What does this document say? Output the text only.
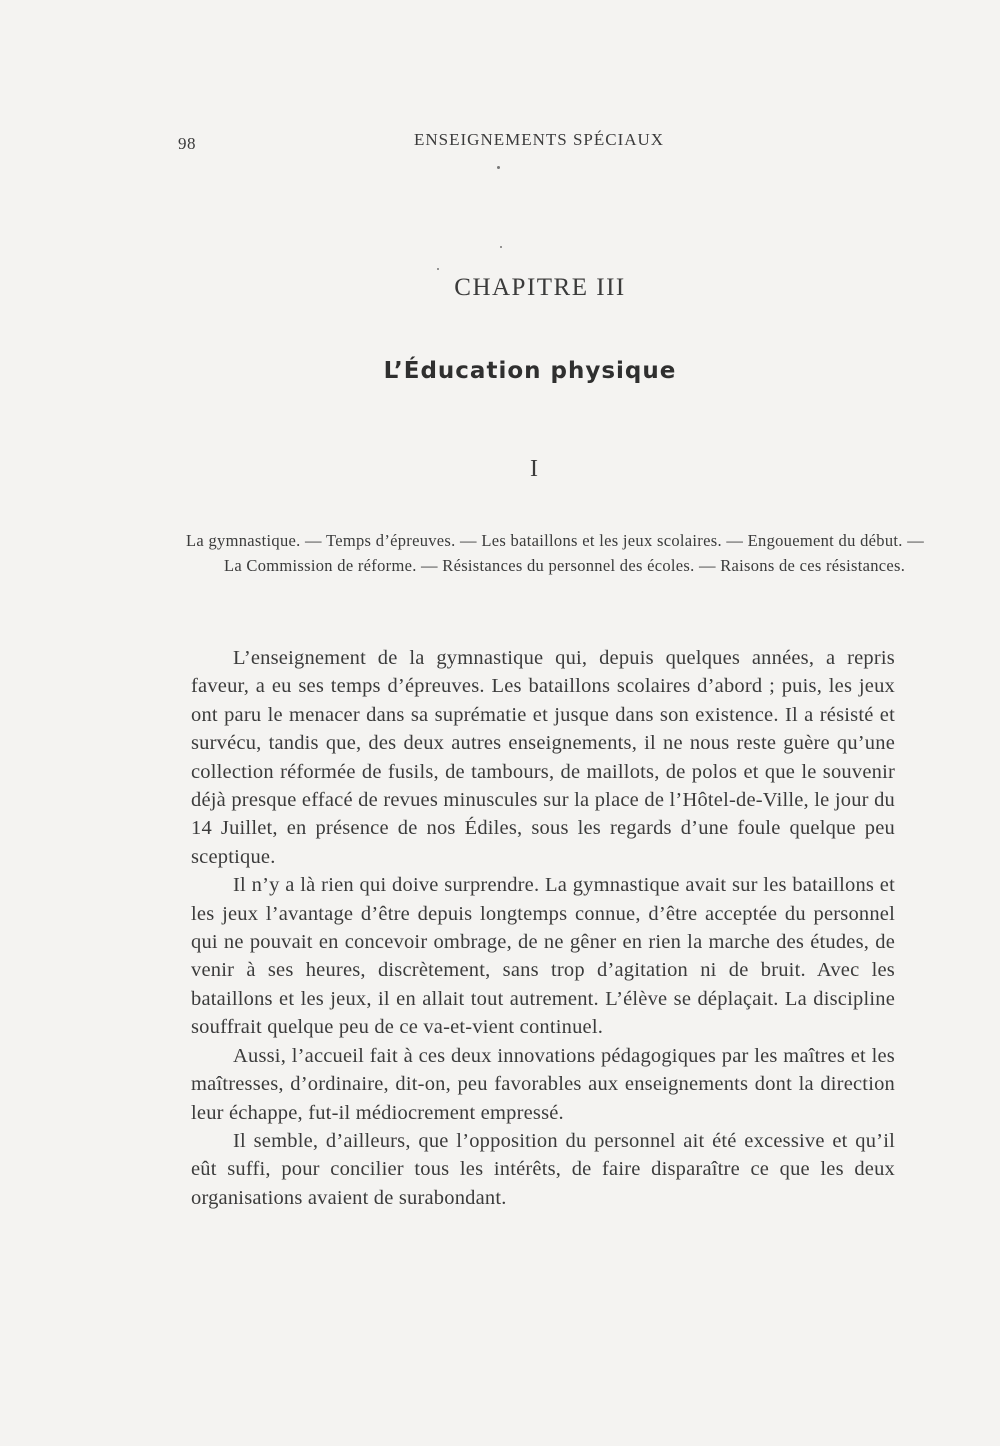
98	ENSEIGNEMENTS SPÉCIAUX
CHAPITRE III
L’Éducation physique
I
La gymnastique. — Temps d’épreuves. — Les bataillons et les jeux scolaires. — Engouement du début. — La Commission de réforme. — Résistances du personnel des écoles. — Raisons de ces résistances.

L’enseignement de la gymnastique qui, depuis quelques années, a repris faveur, a eu ses temps d’épreuves. Les bataillons scolaires d’abord ; puis, les jeux ont paru le menacer dans sa suprématie et jusque dans son existence. Il a résisté et survécu, tandis que, des deux autres enseignements, il ne nous reste guère qu’une collection réformée de fusils, de tambours, de maillots, de polos et que le souvenir déjà presque effacé de revues minuscules sur la place de l’Hôtel-de-Ville, le jour du 14 Juillet, en présence de nos Édiles, sous les regards d’une foule quelque peu sceptique.

Il n’y a là rien qui doive surprendre. La gymnastique avait sur les bataillons et les jeux l’avantage d’être depuis longtemps connue, d’être acceptée du personnel qui ne pouvait en concevoir ombrage, de ne gêner en rien la marche des études, de venir à ses heures, discrètement, sans trop d’agitation ni de bruit. Avec les bataillons et les jeux, il en allait tout autrement. L’élève se déplaçait. La discipline souffrait quelque peu de ce va-et-vient continuel.

Aussi, l’accueil fait à ces deux innovations pédagogiques par les maîtres et les maîtresses, d’ordinaire, dit-on, peu favorables aux enseignements dont la direction leur échappe, fut-il médiocrement empressé.

Il semble, d’ailleurs, que l’opposition du personnel ait été excessive et qu’il eût suffi, pour concilier tous les intérêts, de faire disparaître ce que les deux organisations avaient de surabondant.
